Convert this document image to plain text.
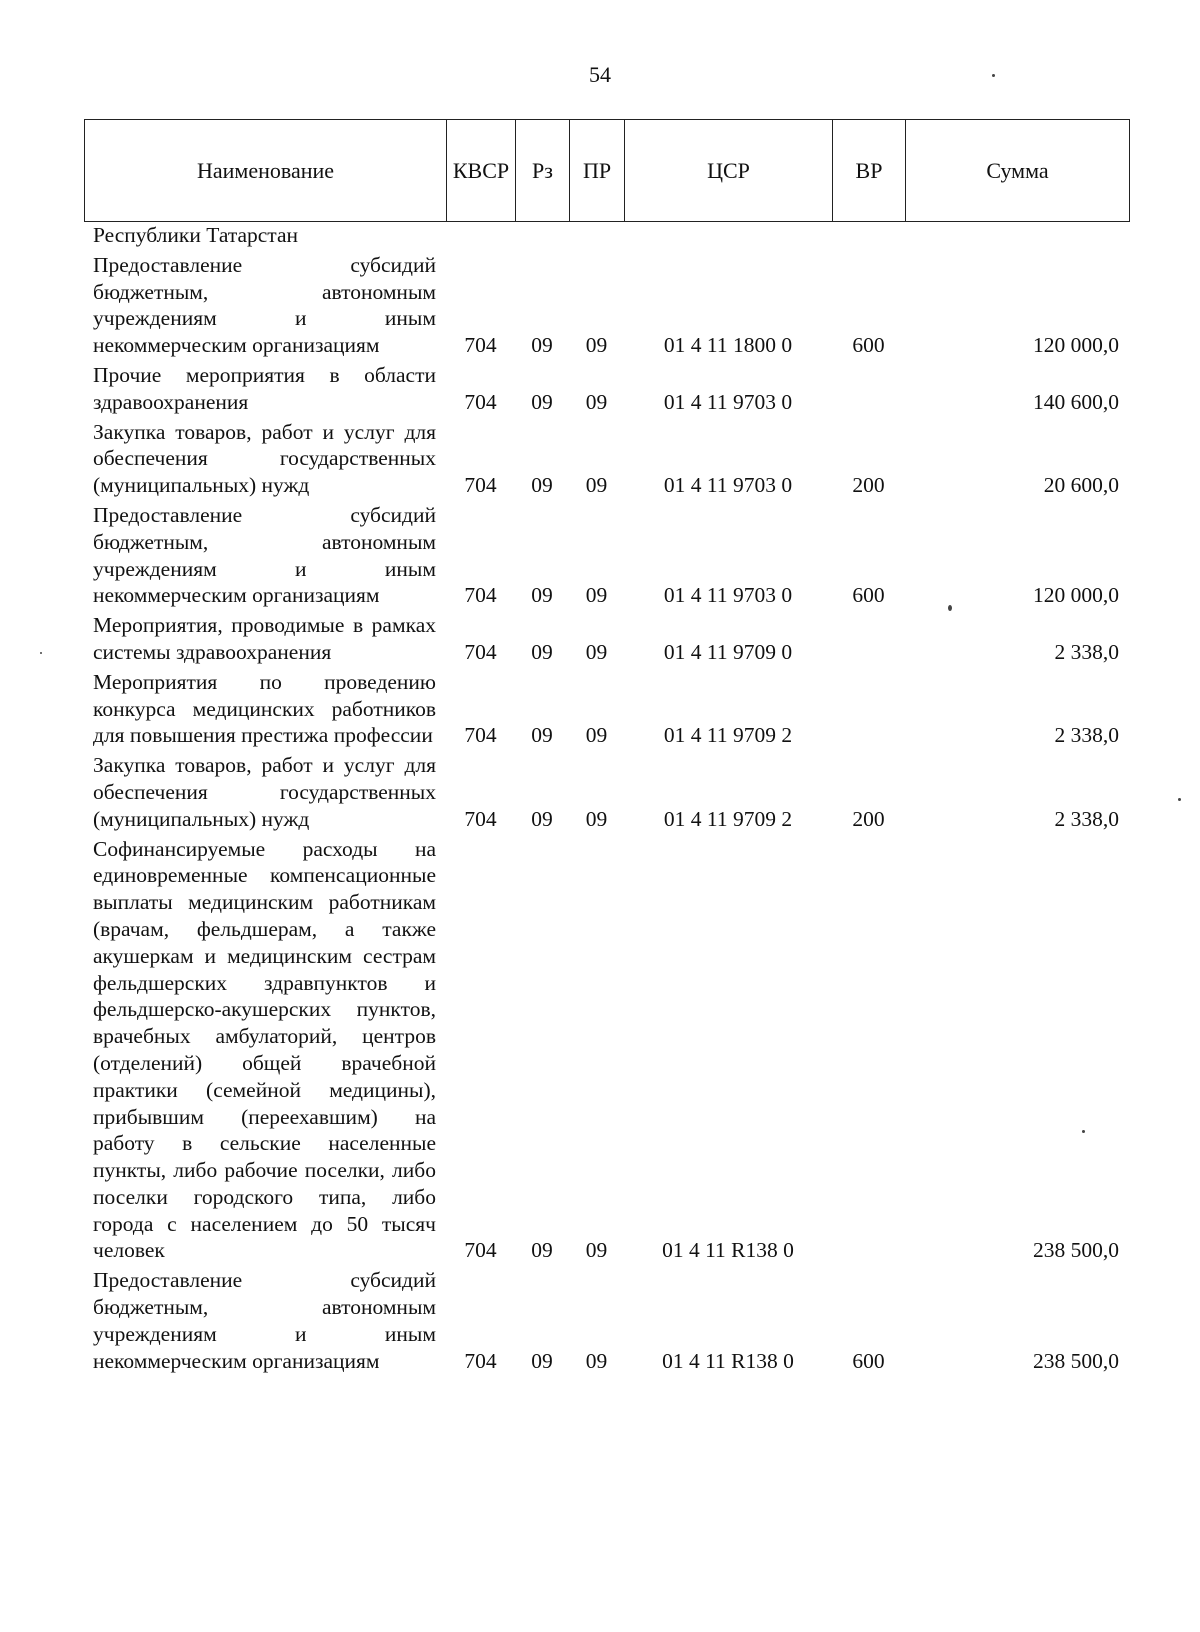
54
Наименование	КВСР	Рз	ПР	ЦСР	ВР	Сумма
Республики Татарстан						
Предоставление субсидий бюджетным, автономным учреждениям и иным некоммерческим организациям	704	09	09	01 4 11 1800 0	600	120 000,0
Прочие мероприятия в области здравоохранения	704	09	09	01 4 11 9703 0		140 600,0
Закупка товаров, работ и услуг для обеспечения государственных (муниципальных) нужд	704	09	09	01 4 11 9703 0	200	20 600,0
Предоставление субсидий бюджетным, автономным учреждениям и иным некоммерческим организациям	704	09	09	01 4 11 9703 0	600	120 000,0
Мероприятия, проводимые в рамках системы здравоохранения	704	09	09	01 4 11 9709 0		2 338,0
Мероприятия по проведению конкурса медицинских работников для повышения престижа профессии	704	09	09	01 4 11 9709 2		2 338,0
Закупка товаров, работ и услуг для обеспечения государственных (муниципальных) нужд	704	09	09	01 4 11 9709 2	200	2 338,0
Софинансируемые расходы на единовременные компенсационные выплаты медицинским работникам (врачам, фельдшерам, а также акушеркам и медицинским сестрам фельдшерских здравпунктов и фельдшерско-акушерских пунктов, врачебных амбулаторий, центров (отделений) общей врачебной практики (семейной медицины), прибывшим (переехавшим) на работу в сельские населенные пункты, либо рабочие поселки, либо поселки городского типа, либо города с населением до 50 тысяч человек	704	09	09	01 4 11 R138 0		238 500,0
Предоставление субсидий бюджетным, автономным учреждениям и иным некоммерческим организациям	704	09	09	01 4 11 R138 0	600	238 500,0
